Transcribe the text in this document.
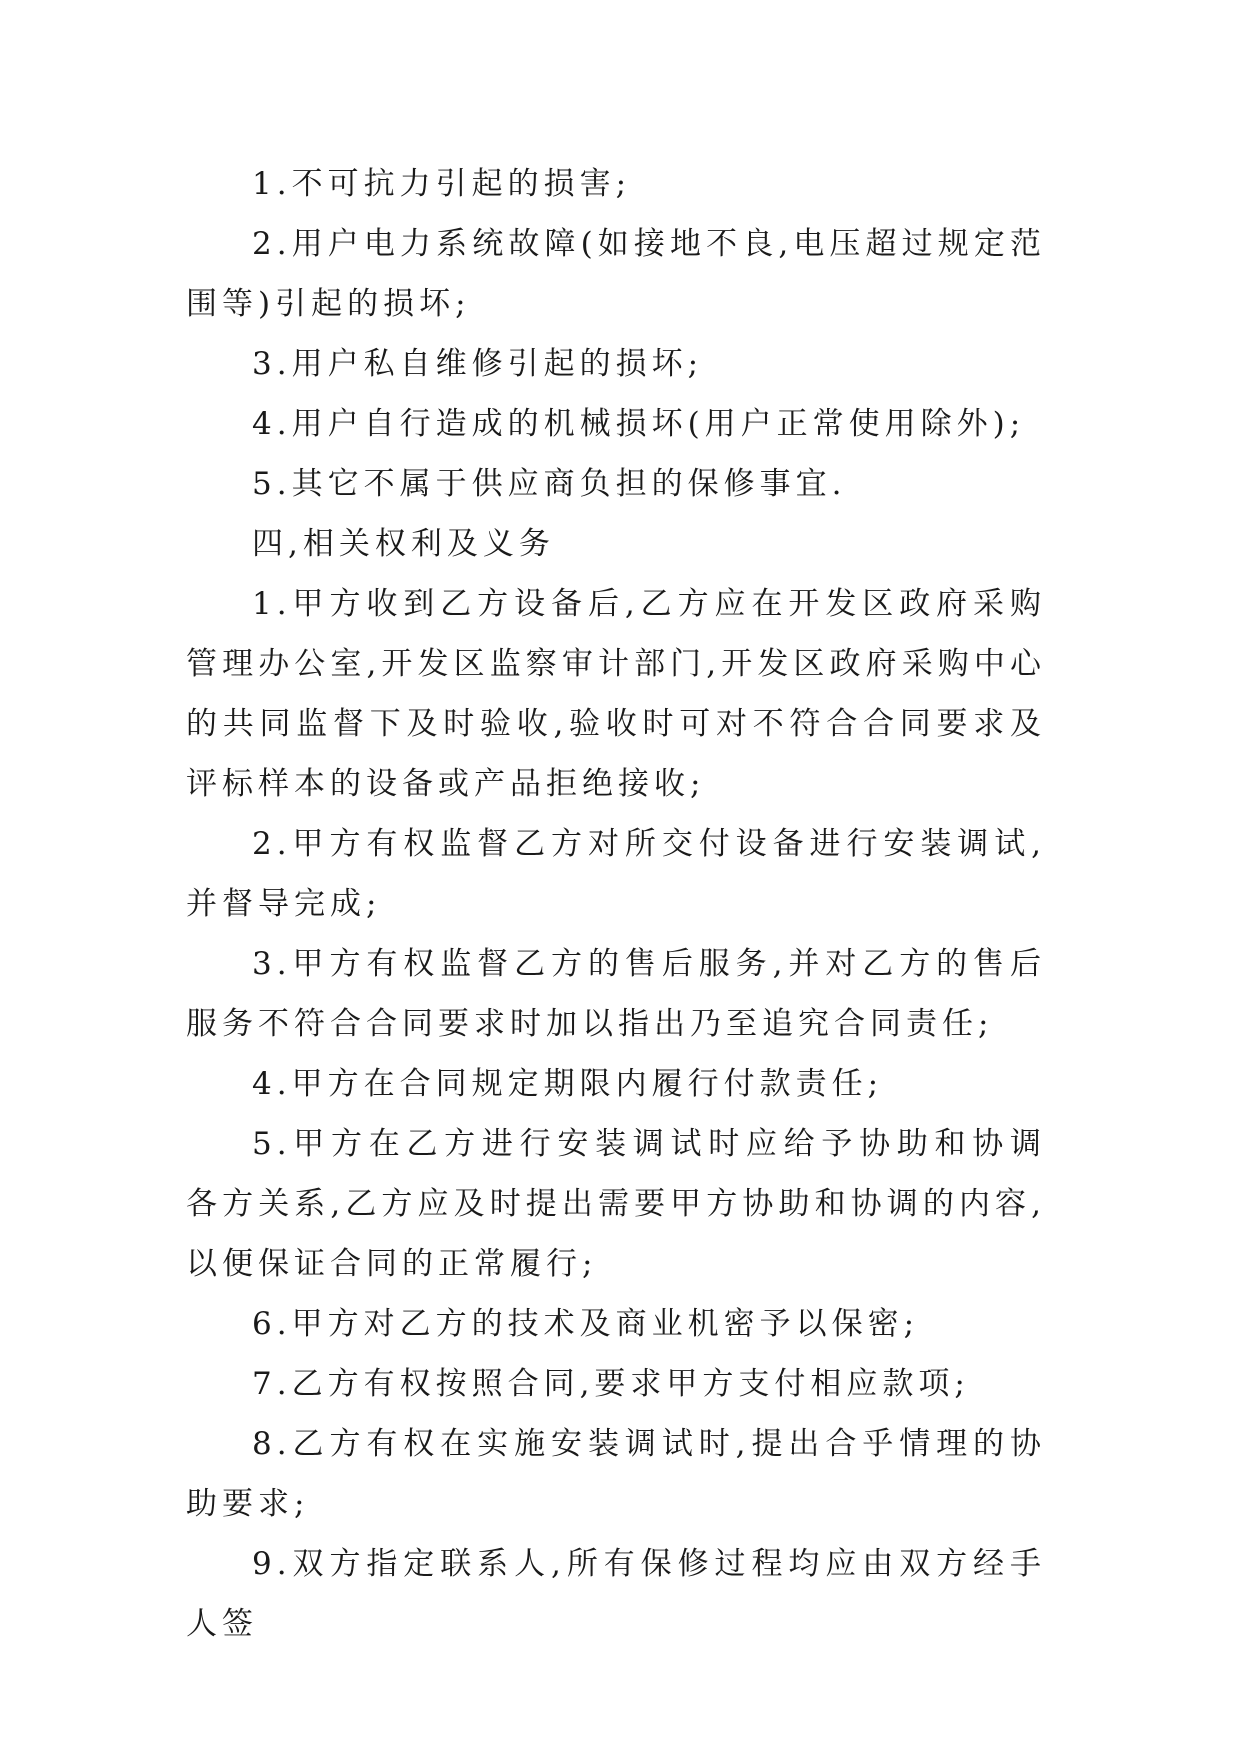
1.不可抗力引起的损害;

2.用户电力系统故障(如接地不良,电压超过规定范围等)引起的损坏;

3.用户私自维修引起的损坏;

4.用户自行造成的机械损坏(用户正常使用除外);

5.其它不属于供应商负担的保修事宜.

四,相关权利及义务

1.甲方收到乙方设备后,乙方应在开发区政府采购管理办公室,开发区监察审计部门,开发区政府采购中心的共同监督下及时验收,验收时可对不符合合同要求及评标样本的设备或产品拒绝接收;

2.甲方有权监督乙方对所交付设备进行安装调试,并督导完成;

3.甲方有权监督乙方的售后服务,并对乙方的售后服务不符合合同要求时加以指出乃至追究合同责任;

4.甲方在合同规定期限内履行付款责任;

5.甲方在乙方进行安装调试时应给予协助和协调各方关系,乙方应及时提出需要甲方协助和协调的内容,以便保证合同的正常履行;

6.甲方对乙方的技术及商业机密予以保密;

7.乙方有权按照合同,要求甲方支付相应款项;

8.乙方有权在实施安装调试时,提出合乎情理的协助要求;

9.双方指定联系人,所有保修过程均应由双方经手人签
